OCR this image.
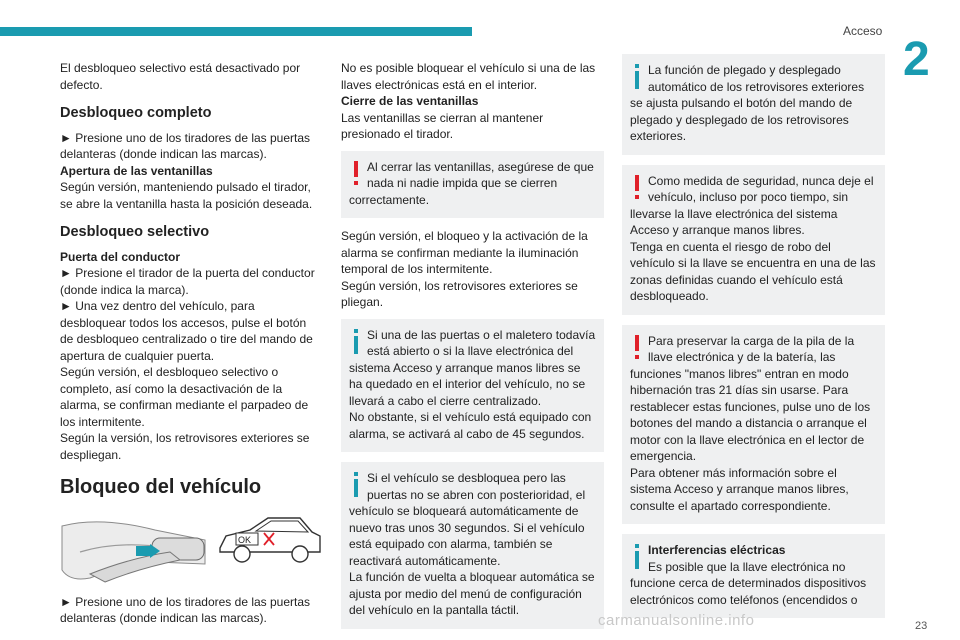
Acceso
2

El desbloqueo selectivo está desactivado por defecto.

Desbloqueo completo

► Presione uno de los tiradores de las puertas delanteras (donde indican las marcas).

Apertura de las ventanillas

Según versión, manteniendo pulsado el tirador, se abre la ventanilla hasta la posición deseada.

Desbloqueo selectivo

Puerta del conductor

► Presione el tirador de la puerta del conductor (donde indica la marca).

► Una vez dentro del vehículo, para desbloquear todos los accesos, pulse el botón de desbloqueo centralizado o tire del mando de apertura de cualquier puerta.

Según versión, el desbloqueo selectivo o completo, así como la desactivación de la alarma, se confirman mediante el parpadeo de los intermitente.

Según la versión, los retrovisores exteriores se despliegan.

Bloqueo del vehículo
OK

► Presione uno de los tiradores de las puertas delanteras (donde indican las marcas).

No es posible bloquear el vehículo si una de las llaves electrónicas está en el interior.

Cierre de las ventanillas

Las ventanillas se cierran al mantener presionado el tirador.

Al cerrar las ventanillas, asegúrese de que nada ni nadie impida que se cierren correctamente.

Según versión, el bloqueo y la activación de la alarma se confirman mediante la iluminación temporal de los intermitente.

Según versión, los retrovisores exteriores se pliegan.

Si una de las puertas o el maletero todavía está abierto o si la llave electrónica del sistema Acceso y arranque manos libres se ha quedado en el interior del vehículo, no se llevará a cabo el cierre centralizado.

No obstante, si el vehículo está equipado con alarma, se activará al cabo de 45 segundos.

Si el vehículo se desbloquea pero las puertas no se abren con posterioridad, el vehículo se bloqueará automáticamente de nuevo tras unos 30 segundos. Si el vehículo está equipado con alarma, también se reactivará automáticamente.

La función de vuelta a bloquear automática se ajusta por medio del menú de configuración del vehículo en la pantalla táctil.

La función de plegado y desplegado automático de los retrovisores exteriores se ajusta pulsando el botón del mando de plegado y desplegado de los retrovisores exteriores.

Como medida de seguridad, nunca deje el vehículo, incluso por poco tiempo, sin llevarse la llave electrónica del sistema Acceso y arranque manos libres.

Tenga en cuenta el riesgo de robo del vehículo si la llave se encuentra en una de las zonas definidas cuando el vehículo está desbloqueado.

Para preservar la carga de la pila de la llave electrónica y de la batería, las funciones "manos libres" entran en modo hibernación tras 21 días sin usarse. Para restablecer estas funciones, pulse uno de los botones del mando a distancia o arranque el motor con la llave electrónica en el lector de emergencia.

Para obtener más información sobre el sistema Acceso y arranque manos libres, consulte el apartado correspondiente.

Interferencias eléctricas

Es posible que la llave electrónica no funcione cerca de determinados dispositivos electrónicos como teléfonos (encendidos o

carmanualsonline.info	23
